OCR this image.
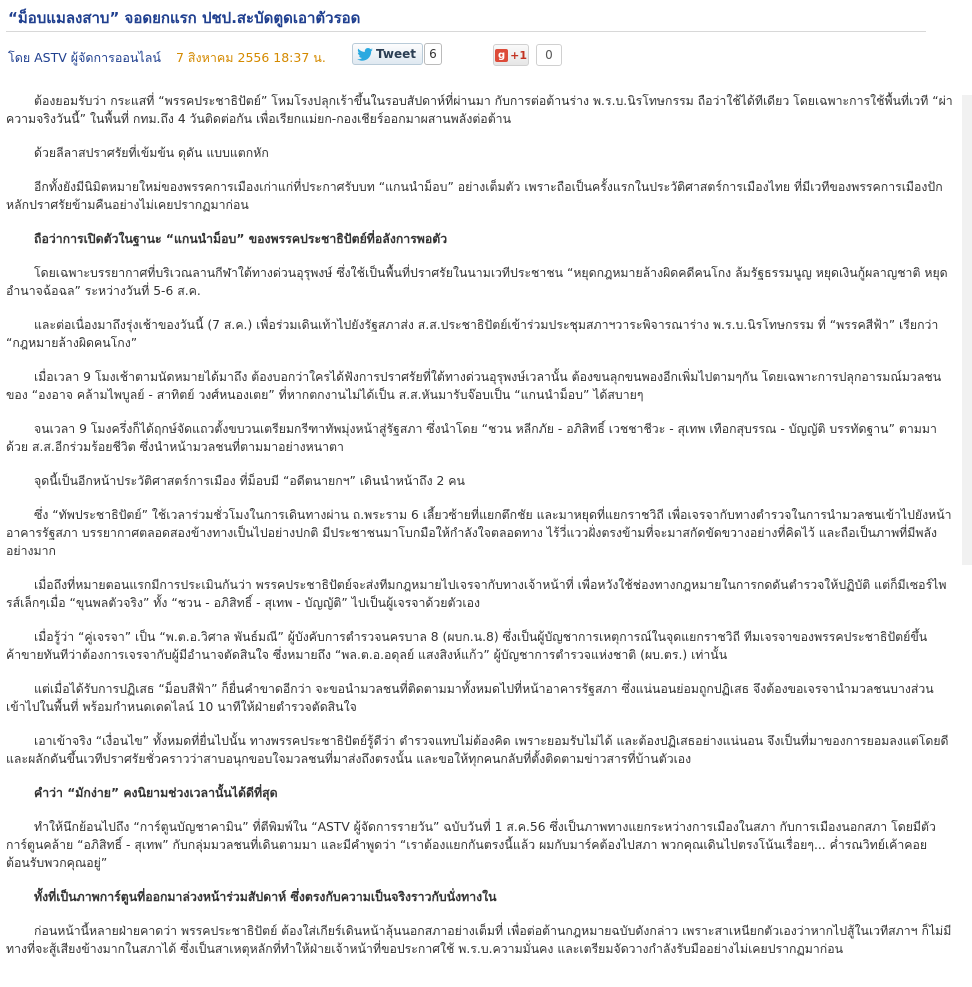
“ม็อบแมลงสาบ” จอดยกแรก ปชป.สะบัดตูดเอาตัวรอด
โดย ASTV ผู้จัดการออนไลน์ 7 สิงหาคม 2556 18:37 น.	Tweet	6	g +1	0

ต้องยอมรับว่า กระแสที่ “พรรคประชาธิปัตย์” โหมโรงปลุกเร้าขึ้นในรอบสัปดาห์ที่ผ่านมา กับการต่อต้านร่าง พ.ร.บ.นิรโทษกรรม ถือว่าใช้ได้ทีเดียว โดยเฉพาะการใช้พื้นที่เวที “ผ่าความจริงวันนี้” ในพื้นที่ กทม.ถึง 4 วันติดต่อกัน เพื่อเรียกแม่ยก-กองเชียร์ออกมาผสานพลังต่อต้าน

ด้วยลีลาสปราศรัยที่เข้มข้น ดุดัน แบบแตกหัก

อีกทั้งยังมีนิมิตหมายใหม่ของพรรคการเมืองเก่าแก่ที่ประกาศรับบท “แกนนำม็อบ” อย่างเต็มตัว เพราะถือเป็นครั้งแรกในประวัติศาสตร์การเมืองไทย ที่มีเวทีของพรรคการเมืองปักหลักปราศรัยข้ามคืนอย่างไม่เคยปรากฏมาก่อน

ถือว่าการเปิดตัวในฐานะ “แกนนำม็อบ” ของพรรคประชาธิปัตย์ที่อลังการพอตัว

โดยเฉพาะบรรยากาศที่บริเวณลานกีฬาใต้ทางด่วนอุรุพงษ์ ซึ่งใช้เป็นพื้นที่ปราศรัยในนามเวทีประชาชน “หยุดกฎหมายล้างผิดคดีคนโกง ล้มรัฐธรรมนูญ หยุดเงินกู้ผลาญชาติ หยุดอำนาจฉ้อฉล” ระหว่างวันที่ 5-6 ส.ค.

และต่อเนื่องมาถึงรุ่งเช้าของวันนี้ (7 ส.ค.) เพื่อร่วมเดินเท้าไปยังรัฐสภาส่ง ส.ส.ประชาธิปัตย์เข้าร่วมประชุมสภาฯวาระพิจารณาร่าง พ.ร.บ.นิรโทษกรรม ที่ “พรรคสีฟ้า” เรียกว่า “กฎหมายล้างผิดคนโกง”

เมื่อเวลา 9 โมงเช้าตามนัดหมายได้มาถึง ต้องบอกว่าใครได้ฟังการปราศรัยที่ใต้ทางด่วนอุรุพงษ์เวลานั้น ต้องขนลุกขนพองอีกเพิ่มไปตามๆกัน โดยเฉพาะการปลุกอารมณ์มวลชนของ “องอาจ คล้ามไพบูลย์ - สาทิตย์ วงศ์หนองเตย” ที่หากตกงานไม่ได้เป็น ส.ส.หันมารับจ๊อบเป็น “แกนนำม็อบ” ได้สบายๆ

จนเวลา 9 โมงครึ่งก็ได้ฤกษ์จัดแถวตั้งขบวนเตรียมกรีฑาทัพมุ่งหน้าสู่รัฐสภา ซึ่งนำโดย “ชวน หลีกภัย - อภิสิทธิ์ เวชชาชีวะ - สุเทพ เทือกสุบรรณ - บัญญัติ บรรทัดฐาน” ตามมาด้วย ส.ส.อีกร่วมร้อยชีวิต ซึ่งนำหน้ามวลชนที่ตามมาอย่างหนาตา

จุดนี้เป็นอีกหน้าประวัติศาสตร์การเมือง ที่ม็อบมี “อดีตนายกฯ” เดินนำหน้าถึง 2 คน

ซึ่ง “ทัพประชาธิปัตย์” ใช้เวลาร่วมชั่วโมงในการเดินทางผ่าน ถ.พระราม 6 เลี้ยวซ้ายที่แยกตึกชัย และมาหยุดที่แยกราชวิถี เพื่อเจรจากับทางตำรวจในการนำมวลชนเข้าไปยังหน้าอาคารรัฐสภา บรรยากาศตลอดสองข้างทางเป็นไปอย่างปกติ มีประชาชนมาโบกมือให้กำลังใจตลอดทาง ไร้วี่แววฝั่งตรงข้ามที่จะมาสกัดขัดขวางอย่างที่คิดไว้ และถือเป็นภาพที่มีพลังอย่างมาก

เมื่อถึงที่หมายตอนแรกมีการประเมินกันว่า พรรคประชาธิปัตย์จะส่งทีมกฎหมายไปเจรจากับทางเจ้าหน้าที่ เพื่อหวังใช้ช่องทางกฎหมายในการกดดันตำรวจให้ปฏิบัติ แต่ก็มีเซอร์ไพรส์เล็กๆเมื่อ “ขุนพลตัวจริง” ทั้ง “ชวน - อภิสิทธิ์ - สุเทพ - บัญญัติ” ไปเป็นผู้เจรจาด้วยตัวเอง

เมื่อรู้ว่า “คู่เจรจา” เป็น “พ.ต.อ.วิศาล พันธ์มณี” ผู้บังคับการตำรวจนครบาล 8 (ผบก.น.8) ซึ่งเป็นผู้บัญชาการเหตุการณ์ในจุดแยกราชวิถี ทีมเจรจาของพรรคประชาธิปัตย์ขึ้นค้าขายทันทีว่าต้องการเจรจากับผู้มีอำนาจตัดสินใจ ซึ่งหมายถึง “พล.ต.อ.อดุลย์ แสงสิงห์แก้ว” ผู้บัญชาการตำรวจแห่งชาติ (ผบ.ตร.) เท่านั้น

แต่เมื่อได้รับการปฏิเสธ “ม็อบสีฟ้า” ก็ยื่นคำขาดอีกว่า จะขอนำมวลชนที่ติดตามมาทั้งหมดไปที่หน้าอาคารรัฐสภา ซึ่งแน่นอนย่อมถูกปฏิเสธ จึงต้องขอเจรจานำมวลชนบางส่วนเข้าไปในพื้นที่ พร้อมกำหนดเดดไลน์ 10 นาทีให้ฝ่ายตำรวจตัดสินใจ

เอาเข้าจริง “เงื่อนไข” ทั้งหมดที่ยื่นไปนั้น ทางพรรคประชาธิปัตย์รู้ดีว่า ตำรวจแทบไม่ต้องคิด เพราะยอมรับไม่ได้ และต้องปฏิเสธอย่างแน่นอน จึงเป็นที่มาของการยอมลงแต่โดยดี และผลักดันขึ้นเวทีปราศรัยชั่วคราวว่าสาบอนุกขอบใจมวลชนที่มาส่งถึงตรงนั้น และขอให้ทุกคนกลับที่ตั้งติดตามข่าวสารที่บ้านตัวเอง

คำว่า “มักง่าย” คงนิยามช่วงเวลานั้นได้ดีที่สุด

ทำให้นึกย้อนไปถึง “การ์ตูนบัญชาคามิน” ที่ตีพิมพ์ใน “ASTV ผู้จัดการรายวัน” ฉบับวันที่ 1 ส.ค.56 ซึ่งเป็นภาพทางแยกระหว่างการเมืองในสภา กับการเมืองนอกสภา โดยมีตัวการ์ตูนคล้าย “อภิสิทธิ์ - สุเทพ” กับกลุ่มมวลชนที่เดินตามมา และมีคำพูดว่า “เราต้องแยกกันตรงนี้แล้ว ผมกับมาร์คต้องไปสภา พวกคุณเดินไปตรงโน้นเรื่อยๆ... ค่ำรณวิทย์เค้าคอยต้อนรับพวกคุณอยู่”

ทั้งที่เป็นภาพการ์ตูนที่ออกมาล่วงหน้าร่วมสัปดาห์ ซึ่งตรงกับความเป็นจริงราวกับนั่งทางใน

ก่อนหน้านี้หลายฝ่ายคาดว่า พรรคประชาธิปัตย์ ต้องใส่เกียร์เดินหน้าลุ้นนอกสภาอย่างเต็มที่ เพื่อต่อต้านกฎหมายฉบับดังกล่าว เพราะสาเหนียกตัวเองว่าหากไปสู้ในเวทีสภาฯ ก็ไม่มีทางที่จะสู้เสียงข้างมากในสภาได้ ซึ่งเป็นสาเหตุหลักที่ทำให้ฝ่ายเจ้าหน้าที่ขอประกาศใช้ พ.ร.บ.ความมั่นคง และเตรียมจัดวางกำลังรับมืออย่างไม่เคยปรากฏมาก่อน
